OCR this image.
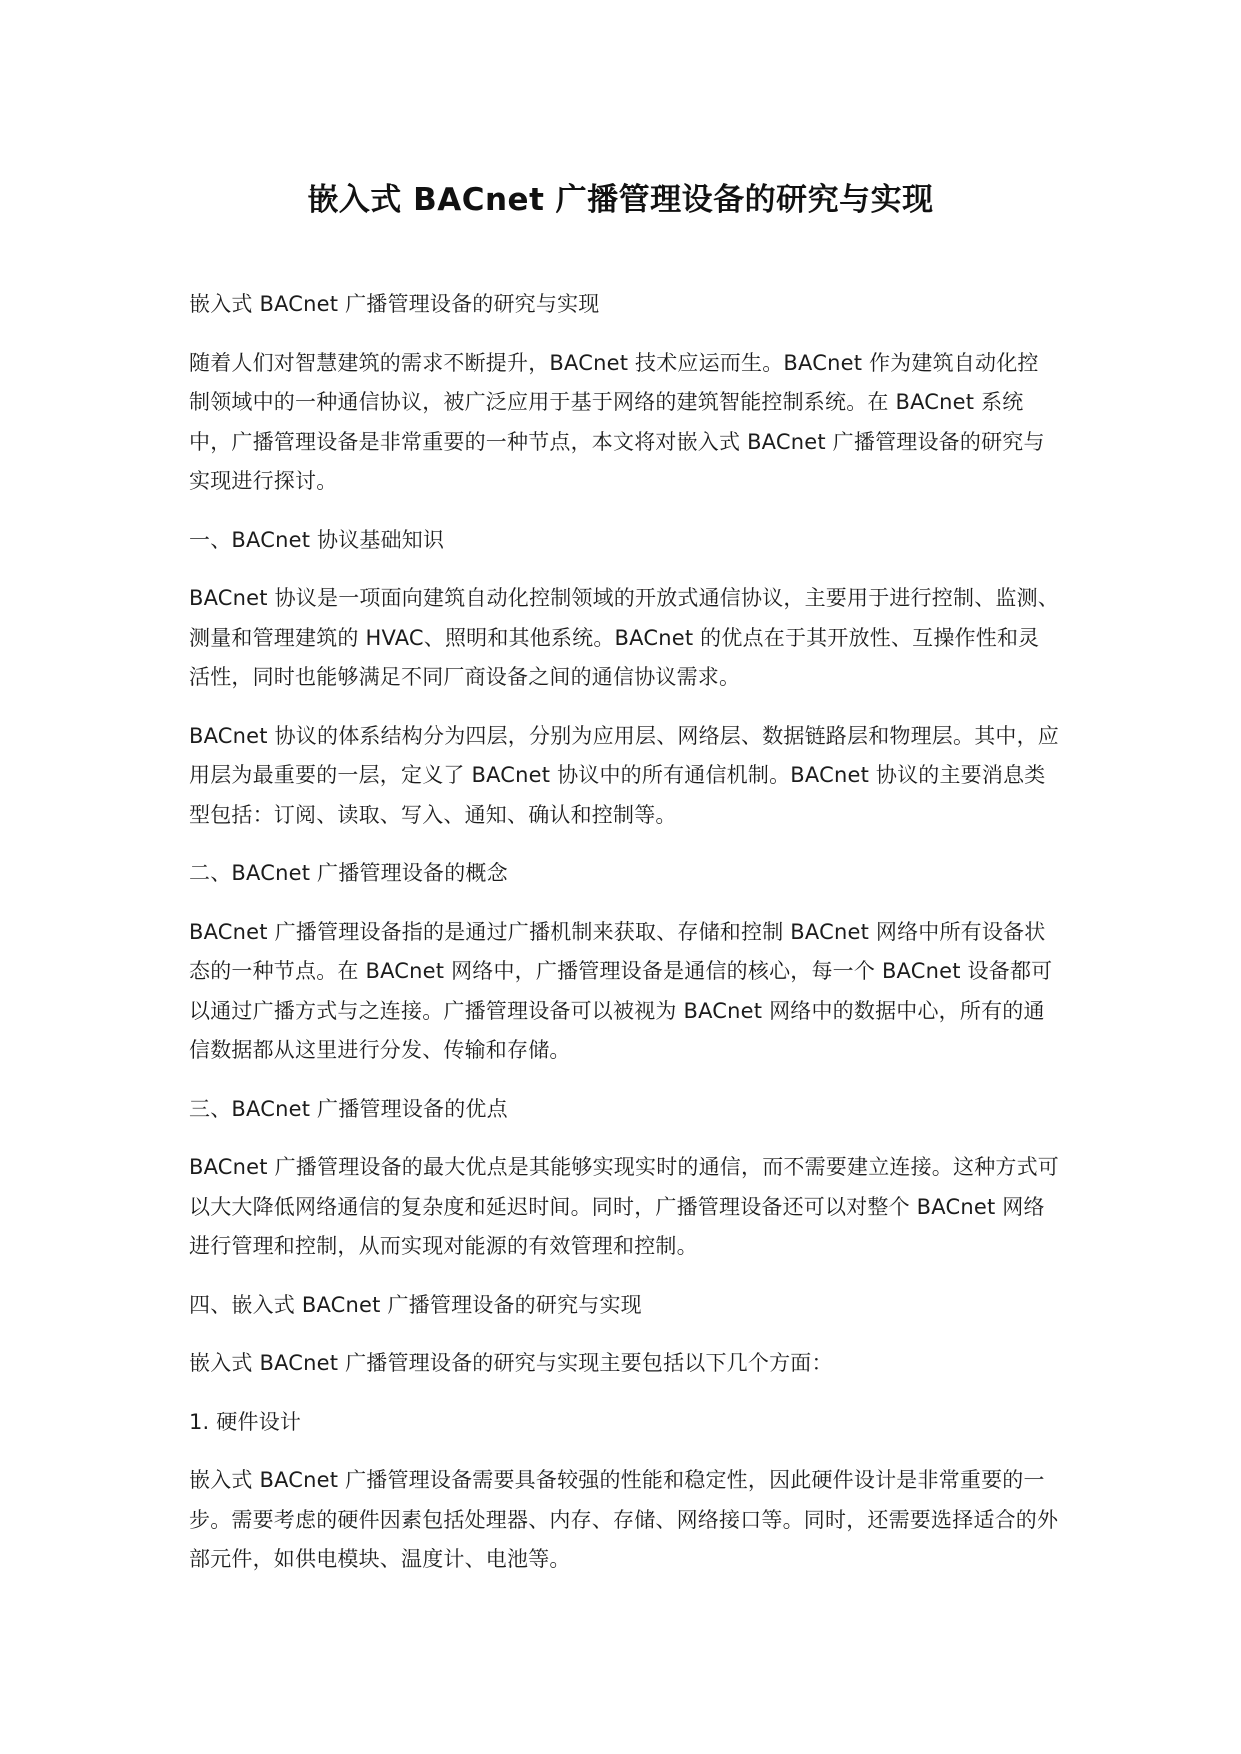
嵌入式 BACnet 广播管理设备的研究与实现

嵌入式 BACnet 广播管理设备的研究与实现

随着人们对智慧建筑的需求不断提升，BACnet 技术应运而生。BACnet 作为建筑自动化控制领域中的一种通信协议，被广泛应用于基于网络的建筑智能控制系统。在 BACnet 系统中，广播管理设备是非常重要的一种节点，本文将对嵌入式 BACnet 广播管理设备的研究与实现进行探讨。

一、BACnet 协议基础知识

BACnet 协议是一项面向建筑自动化控制领域的开放式通信协议，主要用于进行控制、监测、测量和管理建筑的 HVAC、照明和其他系统。BACnet 的优点在于其开放性、互操作性和灵活性，同时也能够满足不同厂商设备之间的通信协议需求。

BACnet 协议的体系结构分为四层，分别为应用层、网络层、数据链路层和物理层。其中，应用层为最重要的一层，定义了 BACnet 协议中的所有通信机制。BACnet 协议的主要消息类型包括：订阅、读取、写入、通知、确认和控制等。

二、BACnet 广播管理设备的概念

BACnet 广播管理设备指的是通过广播机制来获取、存储和控制 BACnet 网络中所有设备状态的一种节点。在 BACnet 网络中，广播管理设备是通信的核心，每一个 BACnet 设备都可以通过广播方式与之连接。广播管理设备可以被视为 BACnet 网络中的数据中心，所有的通信数据都从这里进行分发、传输和存储。

三、BACnet 广播管理设备的优点

BACnet 广播管理设备的最大优点是其能够实现实时的通信，而不需要建立连接。这种方式可以大大降低网络通信的复杂度和延迟时间。同时，广播管理设备还可以对整个 BACnet 网络进行管理和控制，从而实现对能源的有效管理和控制。

四、嵌入式 BACnet 广播管理设备的研究与实现

嵌入式 BACnet 广播管理设备的研究与实现主要包括以下几个方面：

1. 硬件设计

嵌入式 BACnet 广播管理设备需要具备较强的性能和稳定性，因此硬件设计是非常重要的一步。需要考虑的硬件因素包括处理器、内存、存储、网络接口等。同时，还需要选择适合的外部元件，如供电模块、温度计、电池等。
